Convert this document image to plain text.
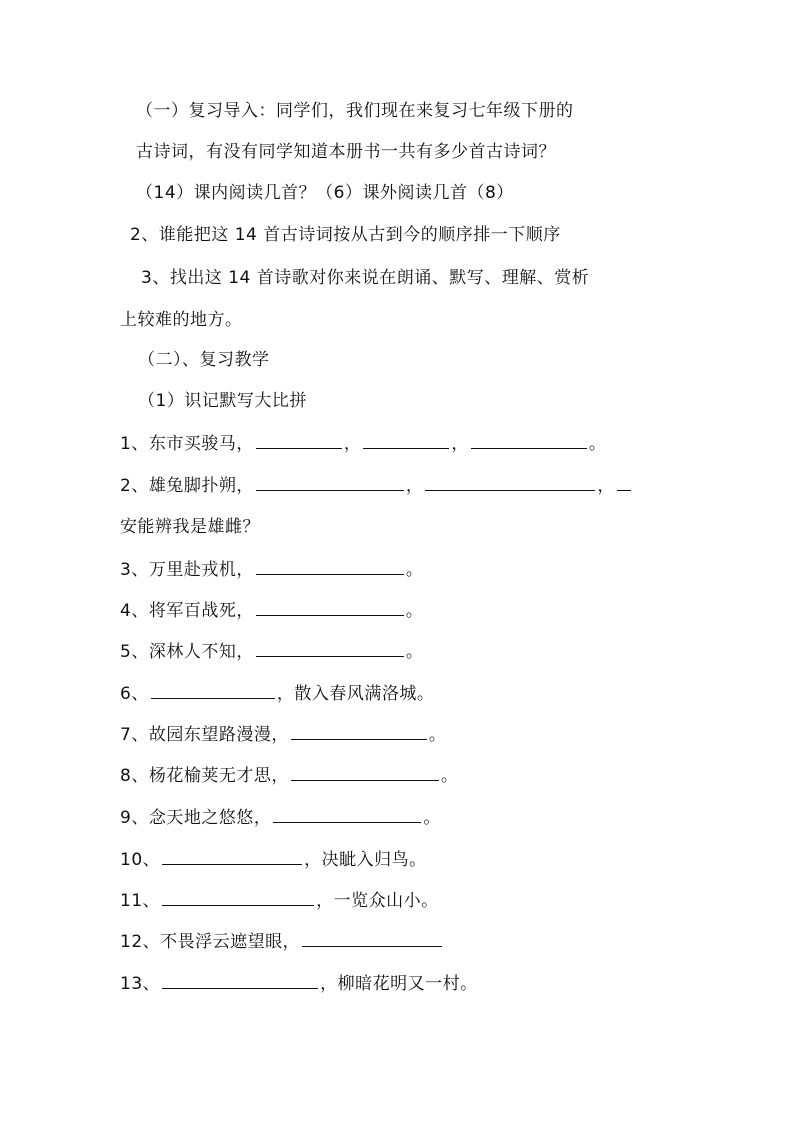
（一）复习导入：同学们，我们现在来复习七年级下册的
古诗词，有没有同学知道本册书一共有多少首古诗词？
（14）课内阅读几首？（6）课外阅读几首（8）
2、谁能把这 14 首古诗词按从古到今的顺序排一下顺序
3、找出这 14 首诗歌对你来说在朗诵、默写、理解、赏析
上较难的地方。
（二）、复习教学
（1）识记默写大比拼
1、东市买骏马，	，	，	。
2、雄兔脚扑朔，	，	，
安能辨我是雄雌？
3、万里赴戎机，	。
4、将军百战死，	。
5、深林人不知，	。
6、	，散入春风满洛城。
7、故园东望路漫漫，	。
8、杨花榆荚无才思，	。
9、念天地之悠悠，	。
10、	，决眦入归鸟。
11、	，一览众山小。
12、不畏浮云遮望眼，
13、	，柳暗花明又一村。
